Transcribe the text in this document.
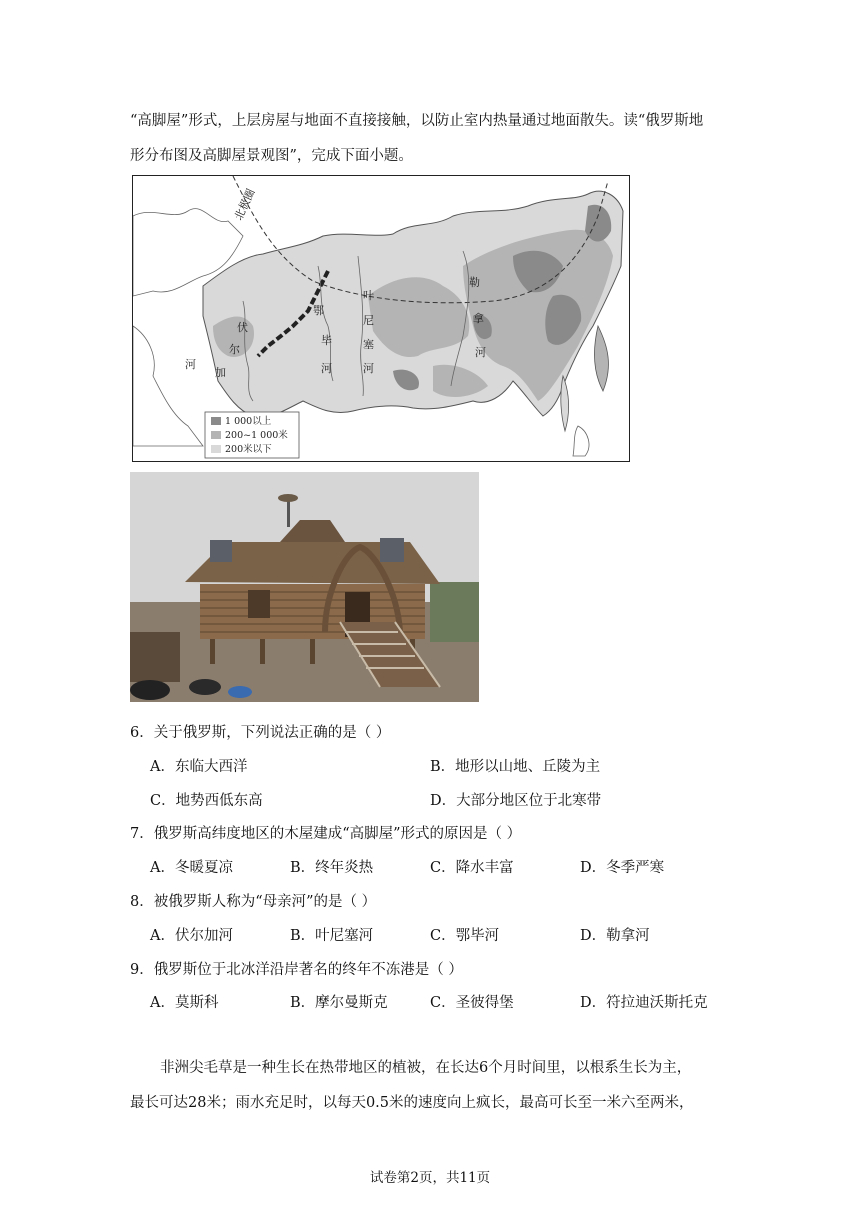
“高脚屋”形式，上层房屋与地面不直接接触，以防止室内热量通过地面散失。读“俄罗斯地
形分布图及高脚屋景观图”，完成下面小题。
北极圈
伏
尔
加
河
鄂
毕
河
叶
尼
塞
河
勒
拿
河
1 000以上
200~1 000米
200米以下
6．关于俄罗斯，下列说法正确的是（ ）
A．东临大西洋	B．地形以山地、丘陵为主
C．地势西低东高	D．大部分地区位于北寒带
7．俄罗斯高纬度地区的木屋建成“高脚屋”形式的原因是（ ）
A．冬暖夏凉	B．终年炎热	C．降水丰富	D．冬季严寒
8．被俄罗斯人称为“母亲河”的是（ ）
A．伏尔加河	B．叶尼塞河	C．鄂毕河	D．勒拿河
9．俄罗斯位于北冰洋沿岸著名的终年不冻港是（ ）
A．莫斯科	B．摩尔曼斯克	C．圣彼得堡	D．符拉迪沃斯托克
非洲尖毛草是一种生长在热带地区的植被，在长达6个月时间里，以根系生长为主，
最长可达28米；雨水充足时，以每天0.5米的速度向上疯长，最高可长至一米六至两米，
试卷第2页，共11页
